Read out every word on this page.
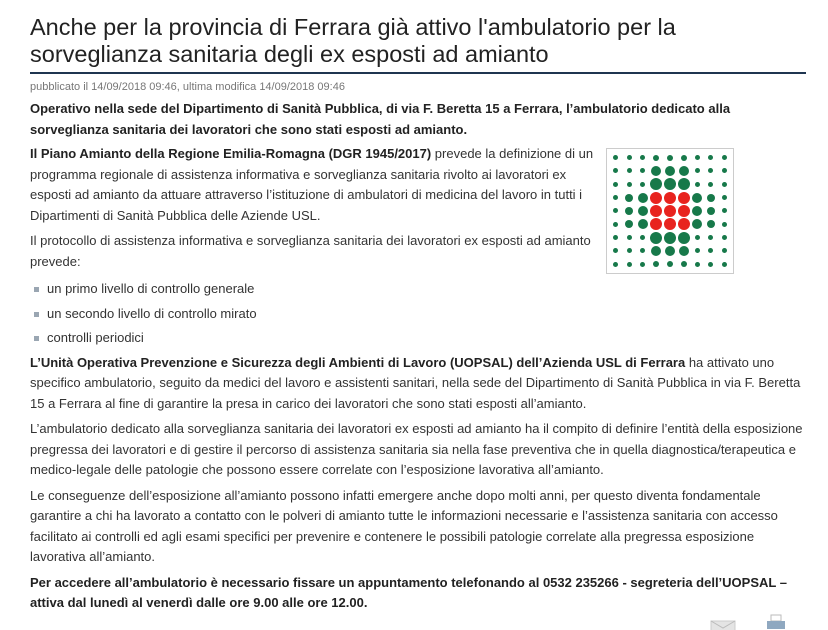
Anche per la provincia di Ferrara già attivo l'ambulatorio per la sorveglianza sanitaria degli ex esposti ad amianto
pubblicato il 14/09/2018 09:46, ultima modifica 14/09/2018 09:46

Operativo nella sede del Dipartimento di Sanità Pubblica, di via F. Beretta 15 a Ferrara, l’ambulatorio dedicato alla sorveglianza sanitaria dei lavoratori che sono stati esposti ad amianto.

Il Piano Amianto della Regione Emilia-Romagna (DGR 1945/2017) prevede la definizione di un programma regionale di assistenza informativa e sorveglianza sanitaria rivolto ai lavoratori ex esposti ad amianto da attuare attraverso l’istituzione di ambulatori di medicina del lavoro in tutti i Dipartimenti di Sanità Pubblica delle Aziende USL.

Il protocollo di assistenza informativa e sorveglianza sanitaria dei lavoratori ex esposti ad amianto prevede:

un primo livello di controllo generale
un secondo livello di controllo mirato
controlli periodici

L’Unità Operativa Prevenzione e Sicurezza degli Ambienti di Lavoro (UOPSAL) dell’Azienda USL di Ferrara ha attivato uno specifico ambulatorio, seguito da medici del lavoro e assistenti sanitari, nella sede del Dipartimento di Sanità Pubblica in via F. Beretta 15 a Ferrara al fine di garantire la presa in carico dei lavoratori che sono stati esposti all’amianto.

L’ambulatorio dedicato alla sorveglianza sanitaria dei lavoratori ex esposti ad amianto ha il compito di definire l’entità della esposizione pregressa dei lavoratori e di gestire il percorso di assistenza sanitaria sia nella fase preventiva che in quella diagnostica/terapeutica e medico-legale delle patologie che possono essere correlate con l’esposizione lavorativa all’amianto.

Le conseguenze dell’esposizione all’amianto possono infatti emergere anche dopo molti anni, per questo diventa fondamentale garantire a chi ha lavorato a contatto con le polveri di amianto tutte le informazioni necessarie e l’assistenza sanitaria con accesso facilitato ai controlli ed agli esami specifici per prevenire e contenere le possibili patologie correlate alla pregressa esposizione lavorativa all’amianto.

Per accedere all’ambulatorio è necessario fissare un appuntamento telefonando al 0532 235266 - segreteria dell’UOPSAL – attiva dal lunedì al venerdì dalle ore 9.00 alle ore 12.00.
